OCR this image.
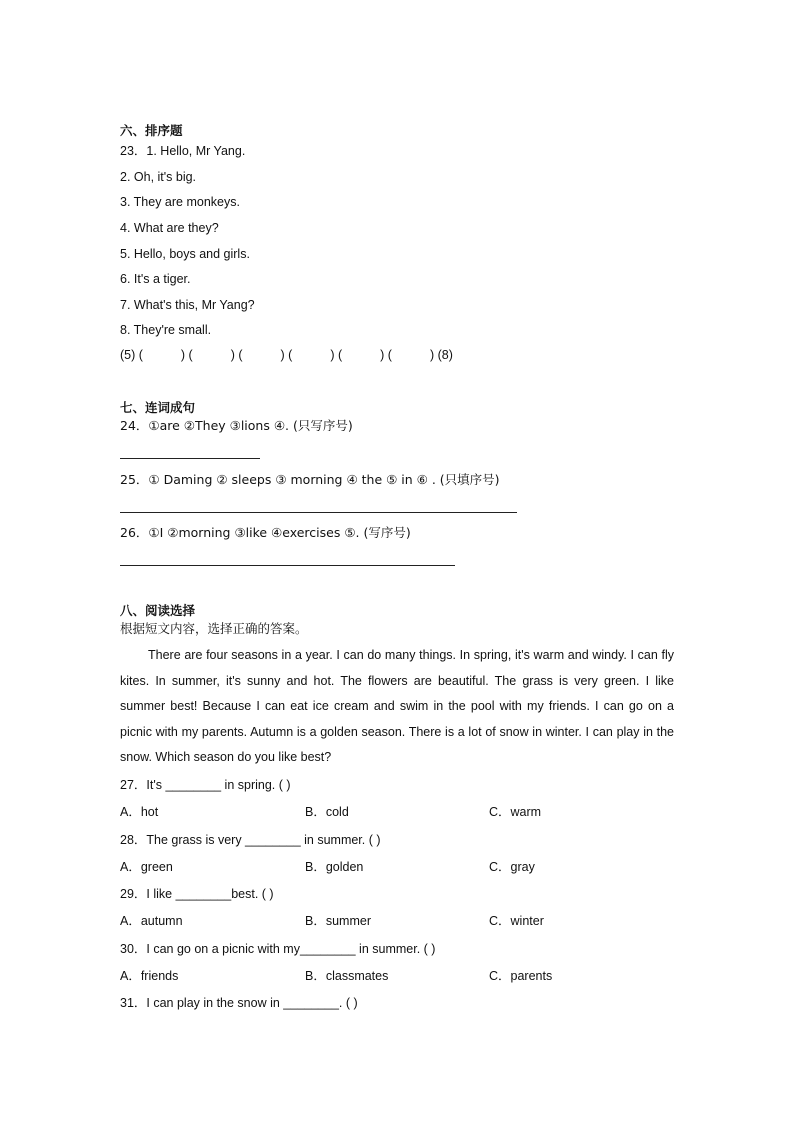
六、排序题
23．1. Hello, Mr Yang.
2. Oh, it's big.
3. They are monkeys.
4. What are they?
5. Hello, boys and girls.
6. It's a tiger.
7. What's this, Mr Yang?
8. They're small.
(5) (	) (	) (	) (	) (	) (	) (8)
七、连词成句
24．①are ②They ③lions ④. (只写序号)
25．① Daming ② sleeps ③ morning ④ the ⑤ in ⑥ . (只填序号)
26．①I ②morning ③like ④exercises ⑤. (写序号)
八、阅读选择
根据短文内容，选择正确的答案。
There are four seasons in a year. I can do many things. In spring, it's warm and windy. I can fly kites. In summer, it's sunny and hot. The flowers are beautiful. The grass is very green. I like summer best! Because I can eat ice cream and swim in the pool with my friends. I can go on a picnic with my parents. Autumn is a golden season. There is a lot of snow in winter. I can play in the snow. Which season do you like best?
27．It's ________ in spring. ( )
A．hot	B．cold	C．warm
28．The grass is very ________ in summer. ( )
A．green	B．golden	C．gray
29．I like ________best. ( )
A．autumn	B．summer	C．winter
30．I can go on a picnic with my________ in summer. ( )
A．friends	B．classmates	C．parents
31．I can play in the snow in ________. ( )
